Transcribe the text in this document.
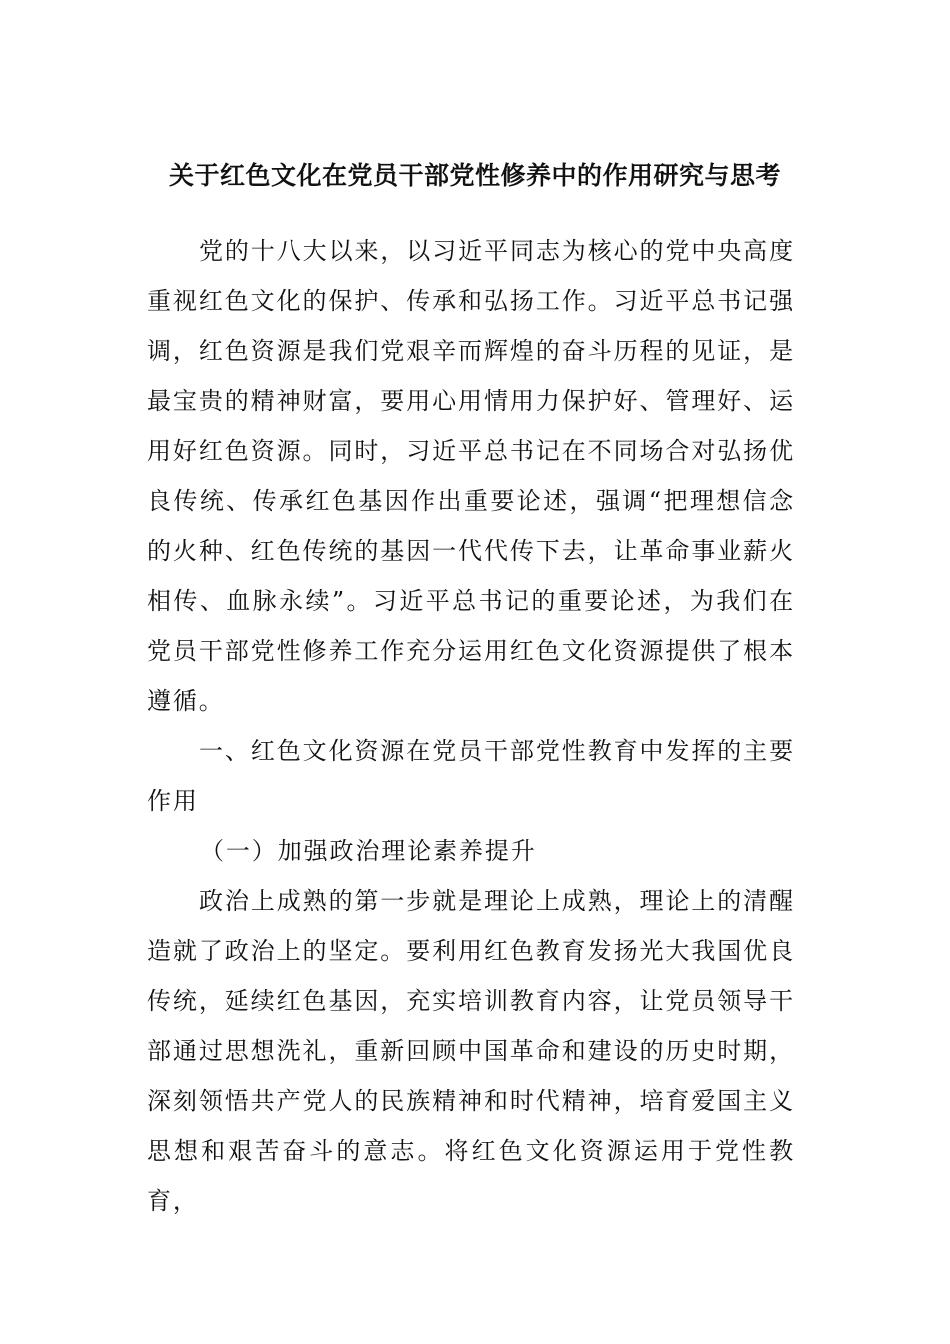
关于红色文化在党员干部党性修养中的作用研究与思考

党的十八大以来，以习近平同志为核心的党中央高度重视红色文化的保护、传承和弘扬工作。习近平总书记强调，红色资源是我们党艰辛而辉煌的奋斗历程的见证，是最宝贵的精神财富，要用心用情用力保护好、管理好、运用好红色资源。同时，习近平总书记在不同场合对弘扬优良传统、传承红色基因作出重要论述，强调“把理想信念的火种、红色传统的基因一代代传下去，让革命事业薪火相传、血脉永续”。习近平总书记的重要论述，为我们在党员干部党性修养工作充分运用红色文化资源提供了根本遵循。

一、红色文化资源在党员干部党性教育中发挥的主要作用

（一）加强政治理论素养提升

政治上成熟的第一步就是理论上成熟，理论上的清醒造就了政治上的坚定。要利用红色教育发扬光大我国优良传统，延续红色基因，充实培训教育内容，让党员领导干部通过思想洗礼，重新回顾中国革命和建设的历史时期，深刻领悟共产党人的民族精神和时代精神，培育爱国主义思想和艰苦奋斗的意志。将红色文化资源运用于党性教育，
